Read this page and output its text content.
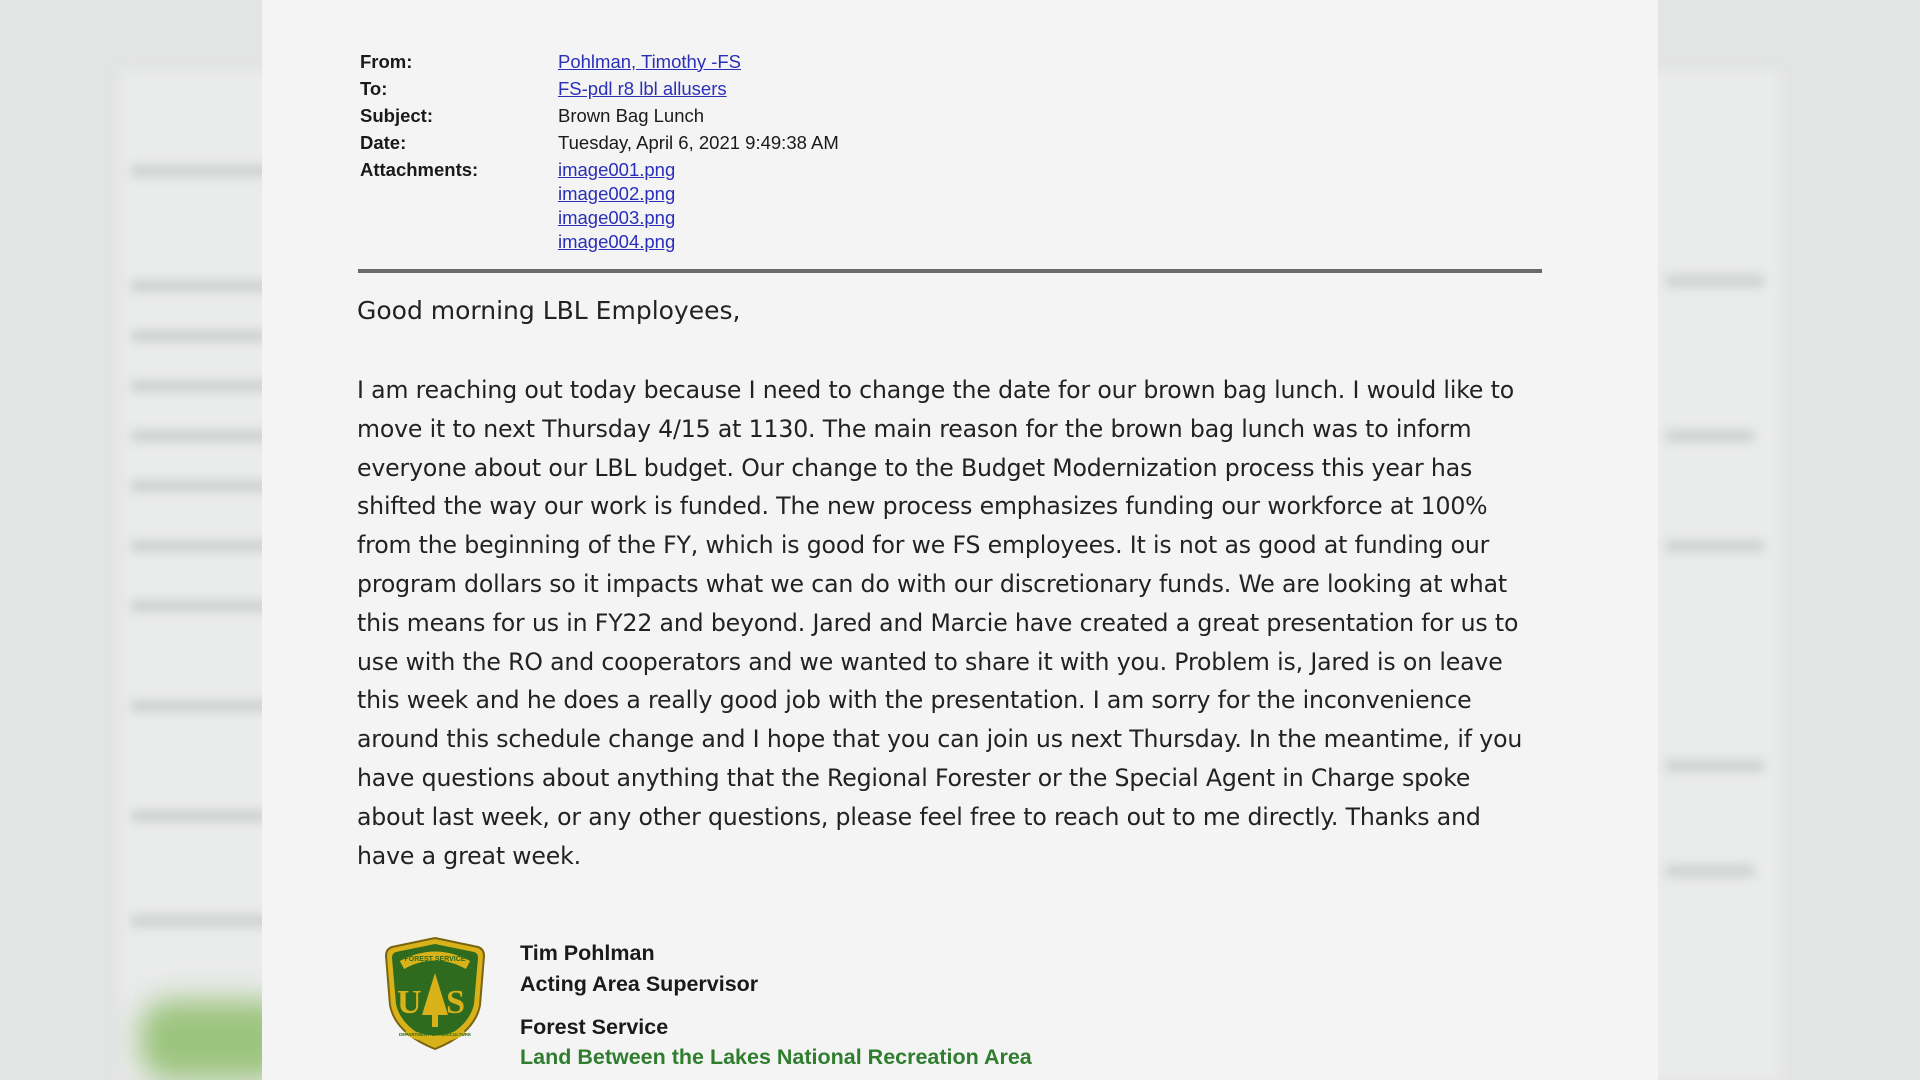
From:	Pohlman, Timothy -FS
To:	FS-pdl r8 lbl allusers
Subject:	Brown Bag Lunch
Date:	Tuesday, April 6, 2021 9:49:38 AM
Attachments:	image001.png
image002.png
image003.png
image004.png
Good morning LBL Employees,
I am reaching out today because I need to change the date for our brown bag lunch. I would like to
move it to next Thursday 4/15 at 1130. The main reason for the brown bag lunch was to inform
everyone about our LBL budget. Our change to the Budget Modernization process this year has
shifted the way our work is funded. The new process emphasizes funding our workforce at 100%
from the beginning of the FY, which is good for we FS employees. It is not as good at funding our
program dollars so it impacts what we can do with our discretionary funds. We are looking at what
this means for us in FY22 and beyond. Jared and Marcie have created a great presentation for us to
use with the RO and cooperators and we wanted to share it with you. Problem is, Jared is on leave
this week and he does a really good job with the presentation. I am sorry for the inconvenience
around this schedule change and I hope that you can join us next Thursday. In the meantime, if you
have questions about anything that the Regional Forester or the Special Agent in Charge spoke
about last week, or any other questions, please feel free to reach out to me directly. Thanks and
have a great week.
FOREST SERVICE
U S
DEPARTMENT OF AGRICULTURE
Tim Pohlman
Acting Area Supervisor
Forest Service
Land Between the Lakes National Recreation Area
